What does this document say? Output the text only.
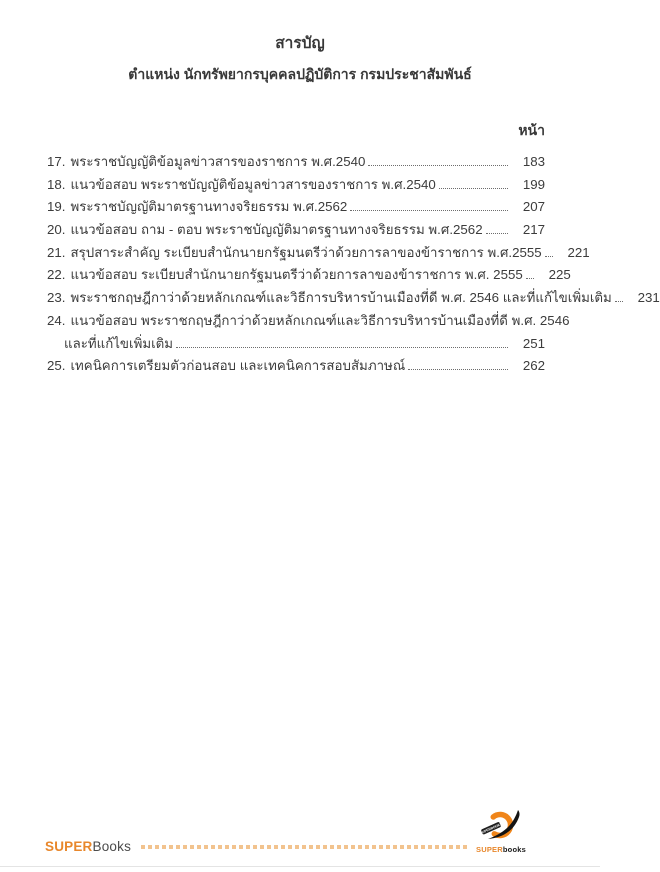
สารบัญ
ตำแหน่ง นักทรัพยากรบุคคลปฏิบัติการ กรมประชาสัมพันธ์
หน้า
17. พระราชบัญญัติข้อมูลข่าวสารของราชการ พ.ศ.2540	183
18. แนวข้อสอบ พระราชบัญญัติข้อมูลข่าวสารของราชการ พ.ศ.2540	199
19. พระราชบัญญัติมาตรฐานทางจริยธรรม พ.ศ.2562	207
20. แนวข้อสอบ ถาม - ตอบ พระราชบัญญัติมาตรฐานทางจริยธรรม พ.ศ.2562	217
21. สรุปสาระสำคัญ ระเบียบสำนักนายกรัฐมนตรีว่าด้วยการลาของข้าราชการ พ.ศ.2555	221
22. แนวข้อสอบ ระเบียบสำนักนายกรัฐมนตรีว่าด้วยการลาของข้าราชการ พ.ศ. 2555	225
23. พระราชกฤษฎีกาว่าด้วยหลักเกณฑ์และวิธีการบริหารบ้านเมืองที่ดี พ.ศ. 2546 และที่แก้ไขเพิ่มเติม	231
24. แนวข้อสอบ พระราชกฤษฎีกาว่าด้วยหลักเกณฑ์และวิธีการบริหารบ้านเมืองที่ดี พ.ศ. 2546
และที่แก้ไขเพิ่มเติม	251
25. เทคนิคการเตรียมตัวก่อนสอบ และเทคนิคการสอบสัมภาษณ์	262
SUPERBooks
SUPERBOOKS
SUPERbooks
